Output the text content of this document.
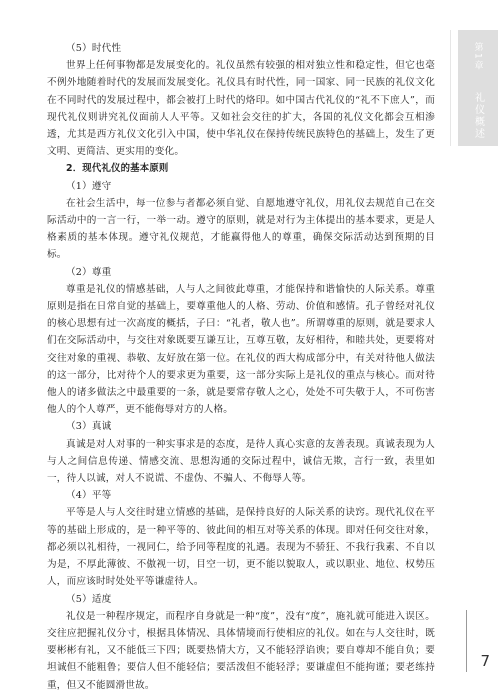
（5）时代性

世界上任何事物都是发展变化的。礼仪虽然有较强的相对独立性和稳定性，但它也毫不例外地随着时代的发展而发展变化。礼仪具有时代性，同一国家、同一民族的礼仪文化在不同时代的发展过程中，都会被打上时代的烙印。如中国古代礼仪的“礼不下庶人”，而现代礼仪则讲究礼仪面前人人平等。又如社会交往的扩大，各国的礼仪文化都会互相渗透，尤其是西方礼仪文化引入中国，使中华礼仪在保持传统民族特色的基础上，发生了更文明、更简洁、更实用的变化。

2．现代礼仪的基本原则

（1）遵守

在社会生活中，每一位参与者都必须自觉、自愿地遵守礼仪，用礼仪去规范自己在交际活动中的一言一行，一举一动。遵守的原则，就是对行为主体提出的基本要求，更是人格素质的基本体现。遵守礼仪规范，才能赢得他人的尊重，确保交际活动达到预期的目标。

（2）尊重

尊重是礼仪的情感基础，人与人之间彼此尊重，才能保持和谐愉快的人际关系。尊重原则是指在日常自觉的基础上，要尊重他人的人格、劳动、价值和感情。孔子曾经对礼仪的核心思想有过一次高度的概括，子曰：“礼者，敬人也”。所谓尊重的原则，就是要求人们在交际活动中，与交往对象既要互谦互让，互尊互敬，友好相待，和睦共处，更要将对交往对象的重视、恭敬、友好放在第一位。在礼仪的西大构成部分中，有关对待他人做法的这一部分，比对待个人的要求更为重要，这一部分实际上是礼仪的重点与核心。而对待他人的诸多做法之中最重要的一条，就是要常存敬人之心，处处不可失敬于人，不可伤害他人的个人尊严，更不能侮辱对方的人格。

（3）真诚

真诚是对人对事的一种实事求是的态度，是待人真心实意的友善表现。真诚表现为人与人之间信息传递、情感交流、思想沟通的交际过程中，诚信无欺，言行一致，表里如一，待人以诚，对人不说谎、不虚伪、不骗人、不侮辱人等。

（4）平等

平等是人与人交往时建立情感的基础，是保持良好的人际关系的诀窍。现代礼仪在平等的基础上形成的，是一种平等的、彼此间的相互对等关系的体现。即对任何交往对象，都必须以礼相待，一视同仁，给予同等程度的礼遇。表现为不骄狂、不我行我素、不自以为是，不厚此薄彼、不傲视一切，目空一切，更不能以貌取人，或以职业、地位、权势压人，而应该时时处处平等谦虚待人。

（5）适度

礼仪是一种程序规定，而程序自身就是一种“度”，没有“度”，施礼就可能进入误区。交往应把握礼仪分寸，根据具体情况、具体情境而行使相应的礼仪。如在与人交往时，既要彬彬有礼，又不能低三下四；既要热情大方，又不能轻浮谄谀；要自尊却不能自负；要坦诚但不能粗鲁；要信人但不能轻信；要活泼但不能轻浮；要谦虚但不能拘谨；要老练持重，但又不能圆滑世故。

第1章
礼仪概述
7
